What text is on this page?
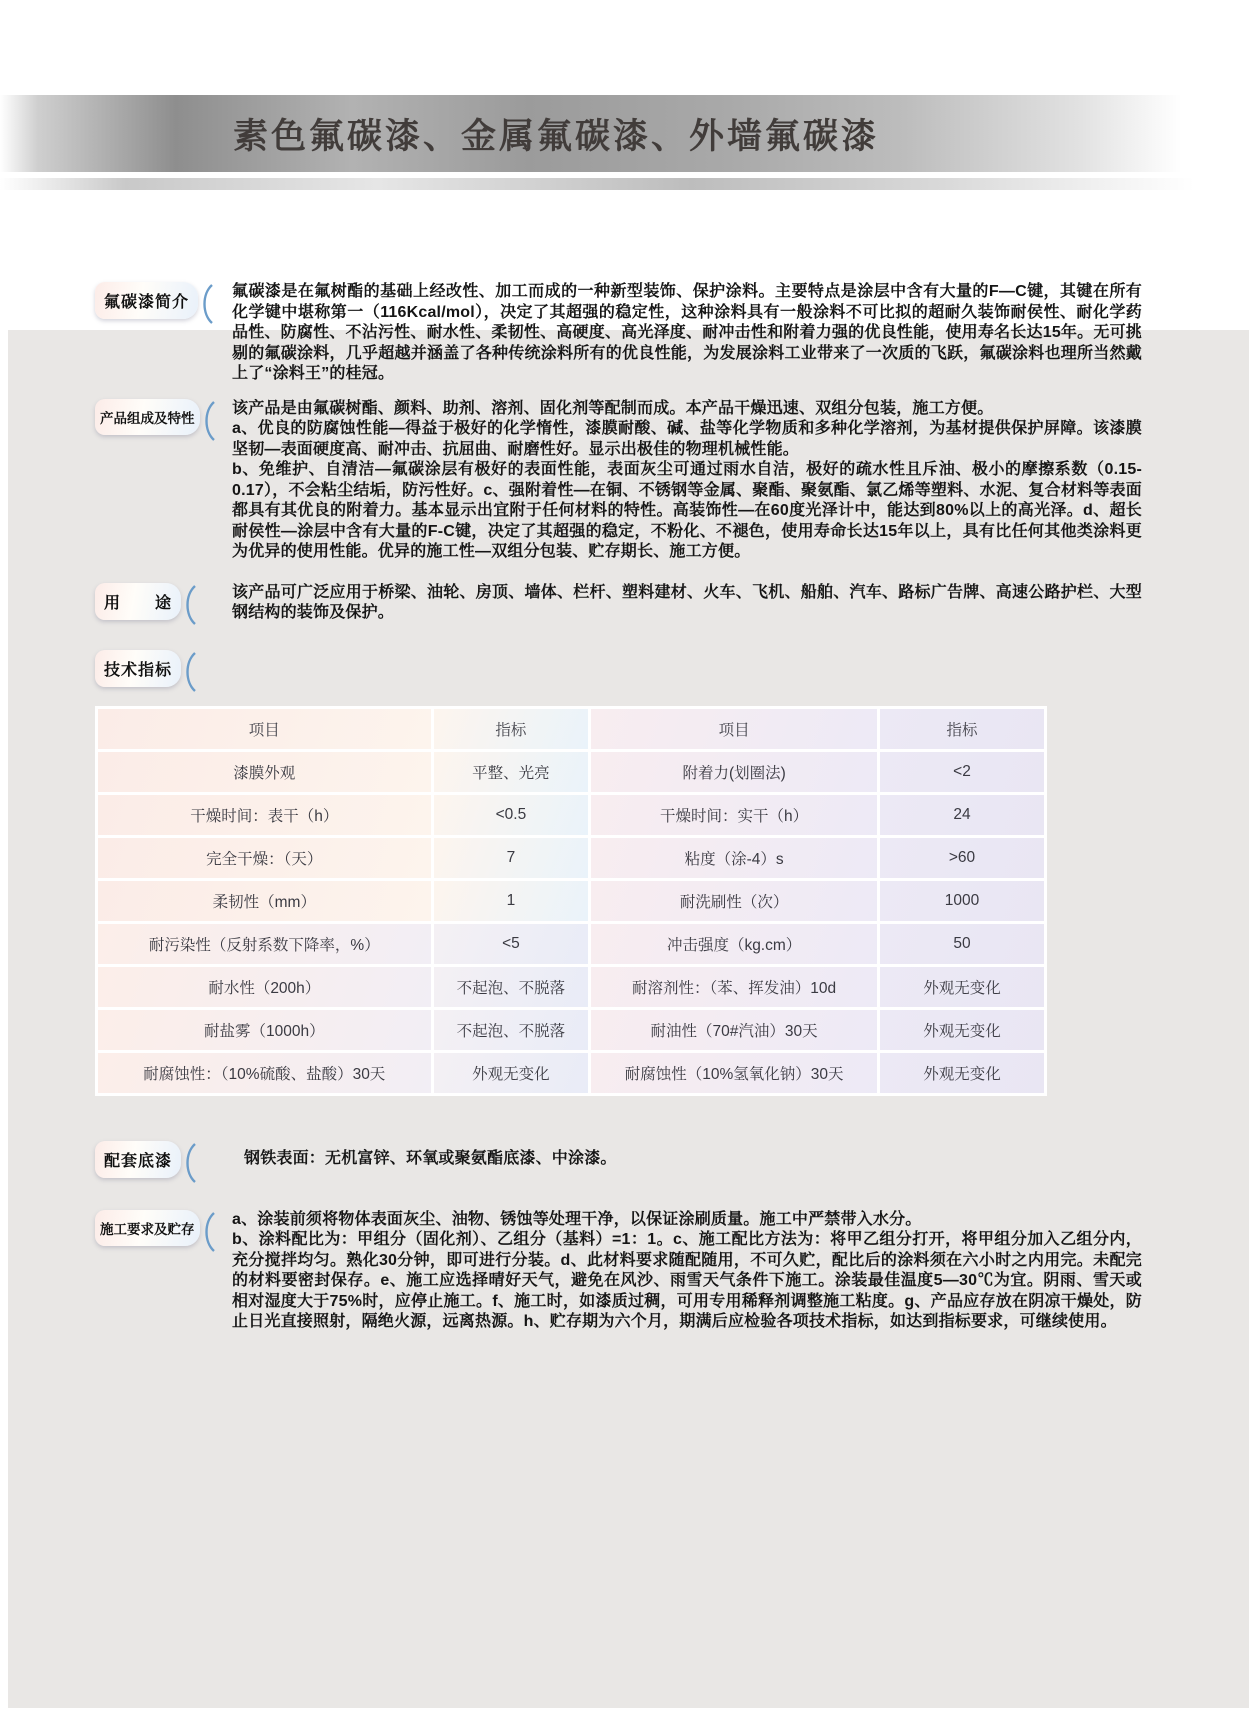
素色氟碳漆、金属氟碳漆、外墙氟碳漆
氟碳漆简介

氟碳漆是在氟树酯的基础上经改性、加工而成的一种新型装饰、保护涂料。主要特点是涂层中含有大量的F—C键，其键在所有化学键中堪称第一（116Kcal/mol），决定了其超强的稳定性，这种涂料具有一般涂料不可比拟的超耐久装饰耐侯性、耐化学药品性、防腐性、不沾污性、耐水性、柔韧性、高硬度、高光泽度、耐冲击性和附着力强的优良性能，使用寿名长达15年。无可挑剔的氟碳涂料，几乎超越并涵盖了各种传统涂料所有的优良性能，为发展涂料工业带来了一次质的飞跃，氟碳涂料也理所当然戴上了“涂料王”的桂冠。

产品组成及特性

该产品是由氟碳树酯、颜料、助剂、溶剂、固化剂等配制而成。本产品干燥迅速、双组分包装，施工方便。

a、优良的防腐蚀性能—得益于极好的化学惰性，漆膜耐酸、碱、盐等化学物质和多种化学溶剂，为基材提供保护屏障。该漆膜坚韧—表面硬度高、耐冲击、抗屈曲、耐磨性好。显示出极佳的物理机械性能。

b、免维护、自清洁—氟碳涂层有极好的表面性能，表面灰尘可通过雨水自洁，极好的疏水性且斥油、极小的摩擦系数（0.15-0.17），不会粘尘结垢，防污性好。c、强附着性—在铜、不锈钢等金属、聚酯、聚氨酯、氯乙烯等塑料、水泥、复合材料等表面都具有其优良的附着力。基本显示出宜附于任何材料的特性。高装饰性—在60度光泽计中，能达到80%以上的高光泽。d、超长耐侯性—涂层中含有大量的F-C键，决定了其超强的稳定，不粉化、不褪色，使用寿命长达15年以上，具有比任何其他类涂料更为优异的使用性能。优异的施工性—双组分包装、贮存期长、施工方便。

用　　途

该产品可广泛应用于桥梁、油轮、房顶、墙体、栏杆、塑料建材、火车、飞机、船舶、汽车、路标广告牌、高速公路护栏、大型钢结构的装饰及保护。

技术指标
项目	指标	项目	指标
漆膜外观	平整、光亮	附着力(划圈法)	<2
干燥时间：表干（h）	<0.5	干燥时间：实干（h）	24
完全干燥：（天）	7	粘度（涂-4）s	>60
柔韧性（mm）	1	耐洗刷性（次）	1000
耐污染性（反射系数下降率，%）	<5	冲击强度（kg.cm）	50
耐水性（200h）	不起泡、不脱落	耐溶剂性：（苯、挥发油）10d	外观无变化
耐盐雾（1000h）	不起泡、不脱落	耐油性（70#汽油）30天	外观无变化
耐腐蚀性：（10%硫酸、盐酸）30天	外观无变化	耐腐蚀性（10%氢氧化钠）30天	外观无变化
配套底漆	钢铁表面：无机富锌、环氧或聚氨酯底漆、中涂漆。

施工要求及贮存

a、涂装前须将物体表面灰尘、油物、锈蚀等处理干净，以保证涂刷质量。施工中严禁带入水分。

b、涂料配比为：甲组分（固化剂）、乙组分（基料）=1：1。c、施工配比方法为：将甲乙组分打开，将甲组分加入乙组分内，充分搅拌均匀。熟化30分钟，即可进行分装。d、此材料要求随配随用，不可久贮，配比后的涂料须在六小时之内用完。未配完的材料要密封保存。e、施工应选择晴好天气，避免在风沙、雨雪天气条件下施工。涂装最佳温度5—30℃为宜。阴雨、雪天或相对湿度大于75%时，应停止施工。f、施工时，如漆质过稠，可用专用稀释剂调整施工粘度。g、产品应存放在阴凉干燥处，防止日光直接照射，隔绝火源，远离热源。h、贮存期为六个月，期满后应检验各项技术指标，如达到指标要求，可继续使用。
